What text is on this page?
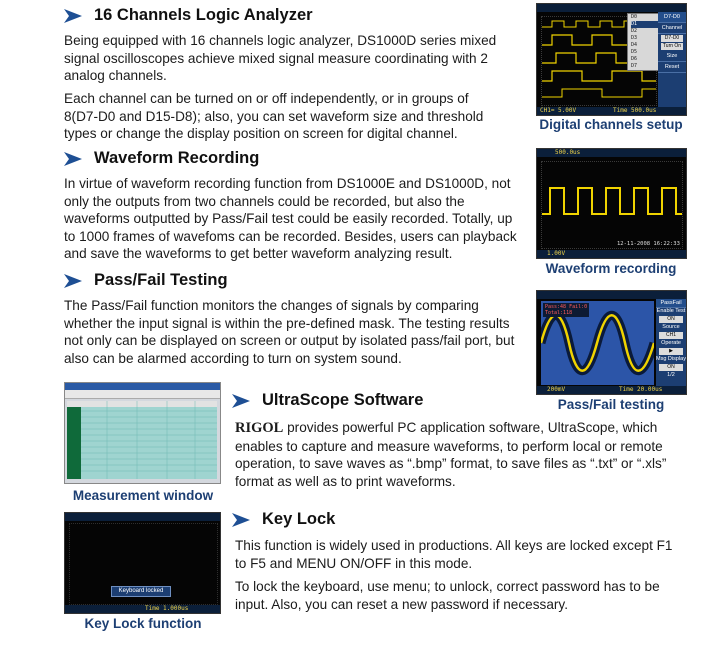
16 Channels Logic Analyzer
Being equipped with 16 channels logic analyzer, DS1000D series mixed
signal oscilloscopes achieve mixed signal measure coordinating with 2
analog channels.
Each channel can be turned on or off independently, or in groups of
8(D7-D0 and D15-D8); also, you can set waveform size and threshold
types or change the display position on screen for digital channel.
D0
D1
D2
D3
D4
D5
D6
D7
D7-D0
Channel
D7-D0
Turn On
Size
Reset
CH1= 5.00V	Time 500.0us
Digital channels setup
Waveform Recording
In virtue of waveform recording function from DS1000E and DS1000D, not
only the outputs from two channels could be recorded, but also the
waveforms outputted by Pass/Fail test could be easily recorded. Totally, up
to 1000 frames of wavefoms can be recorded. Besides, users can playback
and save the waveforms to get better waveform analyzing result.
500.0us
12-11-2008 16:22:33
1.00V
Waveform recording
Pass/Fail Testing
The Pass/Fail function monitors the changes of signals by comparing
whether the input signal is within the pre-defined mask. The testing results
not only can be displayed on screen or output by isolated pass/fail port, but
also can be alarmed according to turn on system sound.
Pass:48 Fail:0
Total:118
PassFail
Enable Test
ON
Source
CH1
Operate
▶
Msg Display
ON
1/2
200mV	Time 20.00us
Pass/Fail testing
Measurement window
UltraScope Software
RIGOL provides powerful PC application software, UltraScope, which
enables to capture and measure waveforms, to perform local or remote
operation, to save waves as “.bmp” format, to save files as “.txt” or “.xls”
format as well as to print waveforms.
Keyboard locked
Time 1.000us
Key Lock function
Key Lock
This function is widely used in productions. All keys are locked except F1
to F5 and MENU ON/OFF in this mode.
To lock the keyboard, use menu; to unlock, correct password has to be
input. Also, you can reset a new password if necessary.
